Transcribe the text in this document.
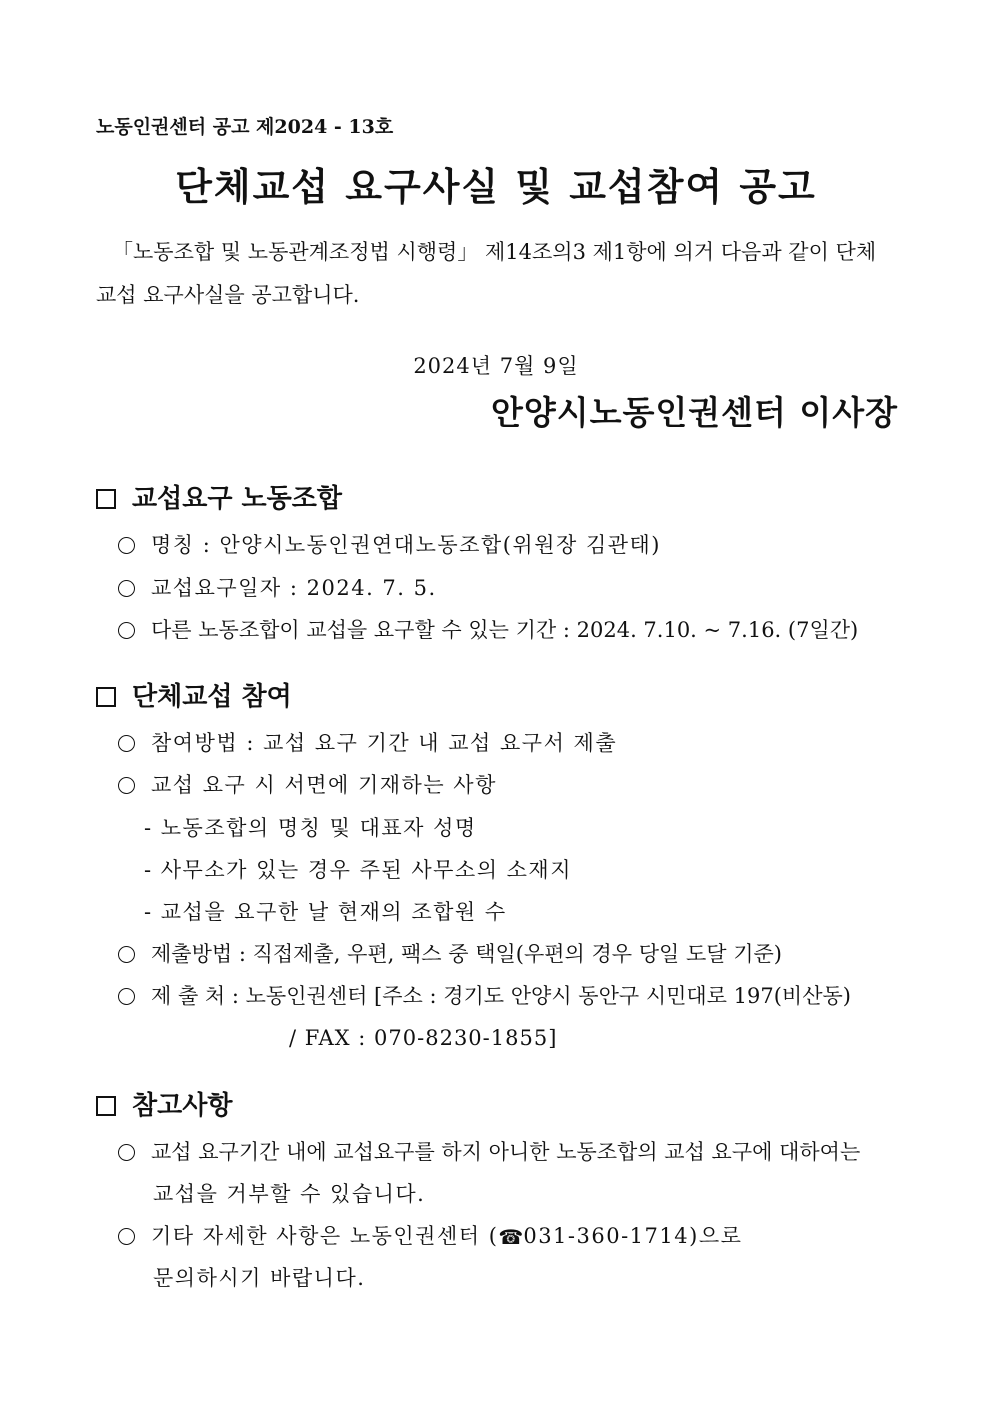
노동인권센터 공고 제2024 - 13호
단체교섭 요구사실 및 교섭참여 공고
「노동조합 및 노동관계조정법 시행령」 제14조의3 제1항에 의거 다음과 같이 단체
교섭 요구사실을 공고합니다.
2024년 7월 9일
안양시노동인권센터 이사장
교섭요구 노동조합
명칭 : 안양시노동인권연대노동조합(위원장 김관태)
교섭요구일자 : 2024. 7. 5.
다른 노동조합이 교섭을 요구할 수 있는 기간 : 2024. 7.10. ~ 7.16. (7일간)
단체교섭 참여
참여방법 : 교섭 요구 기간 내 교섭 요구서 제출
교섭 요구 시 서면에 기재하는 사항
- 노동조합의 명칭 및 대표자 성명
- 사무소가 있는 경우 주된 사무소의 소재지
- 교섭을 요구한 날 현재의 조합원 수
제출방법 : 직접제출, 우편, 팩스 중 택일(우편의 경우 당일 도달 기준)
제 출 처 : 노동인권센터 [주소 : 경기도 안양시 동안구 시민대로 197(비산동)
/ FAX : 070-8230-1855]
참고사항
교섭 요구기간 내에 교섭요구를 하지 아니한 노동조합의 교섭 요구에 대하여는
교섭을 거부할 수 있습니다.
기타 자세한 사항은 노동인권센터 ( ☎ 031-360-1714)으로
문의하시기 바랍니다.
